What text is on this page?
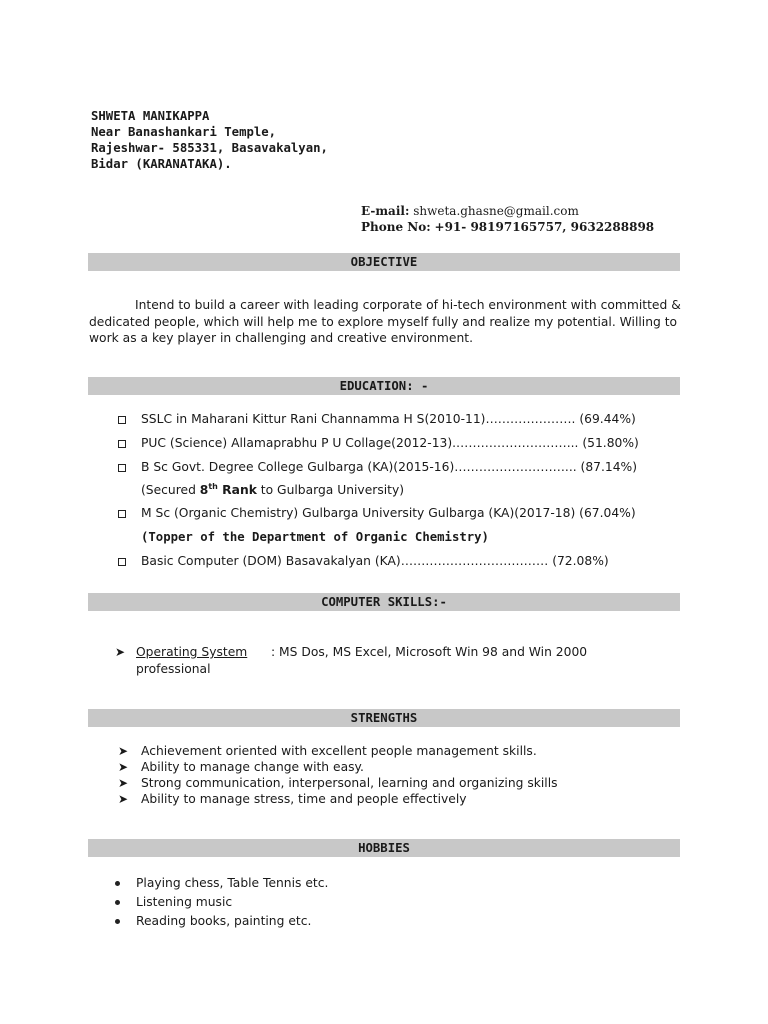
SHWETA MANIKAPPA
Near Banashankari Temple,
Rajeshwar- 585331, Basavakalyan,
Bidar (KARANATAKA).
E-mail: shweta.ghasne@gmail.com
Phone No: +91- 98197165757, 9632288898
OBJECTIVE
Intend to build a career with leading corporate of hi-tech environment with committed & dedicated people, which will help me to explore myself fully and realize my potential. Willing to work as a key player in challenging and creative environment.
EDUCATION: -
SSLC in Maharani Kittur Rani Channamma H S(2010-11)…………………. (69.44%)
PUC (Science) Allamaprabhu P U Collage(2012-13).………………………... (51.80%)
B Sc Govt. Degree College Gulbarga (KA)(2015-16)………………………... (87.14%)
(Secured 8th Rank to Gulbarga University)
M Sc (Organic Chemistry) Gulbarga University Gulbarga (KA)(2017-18) (67.04%)
(Topper of the Department of Organic Chemistry)
Basic Computer (DOM) Basavakalyan (KA)……………………………… (72.08%)
COMPUTER SKILLS:-
➤ Operating System : MS Dos, MS Excel, Microsoft Win 98 and Win 2000
professional
STRENGTHS
➤ Achievement oriented with excellent people management skills.
➤ Ability to manage change with easy.
➤ Strong communication, interpersonal, learning and organizing skills
➤ Ability to manage stress, time and people effectively
HOBBIES
Playing chess, Table Tennis etc.
Listening music
Reading books, painting etc.
